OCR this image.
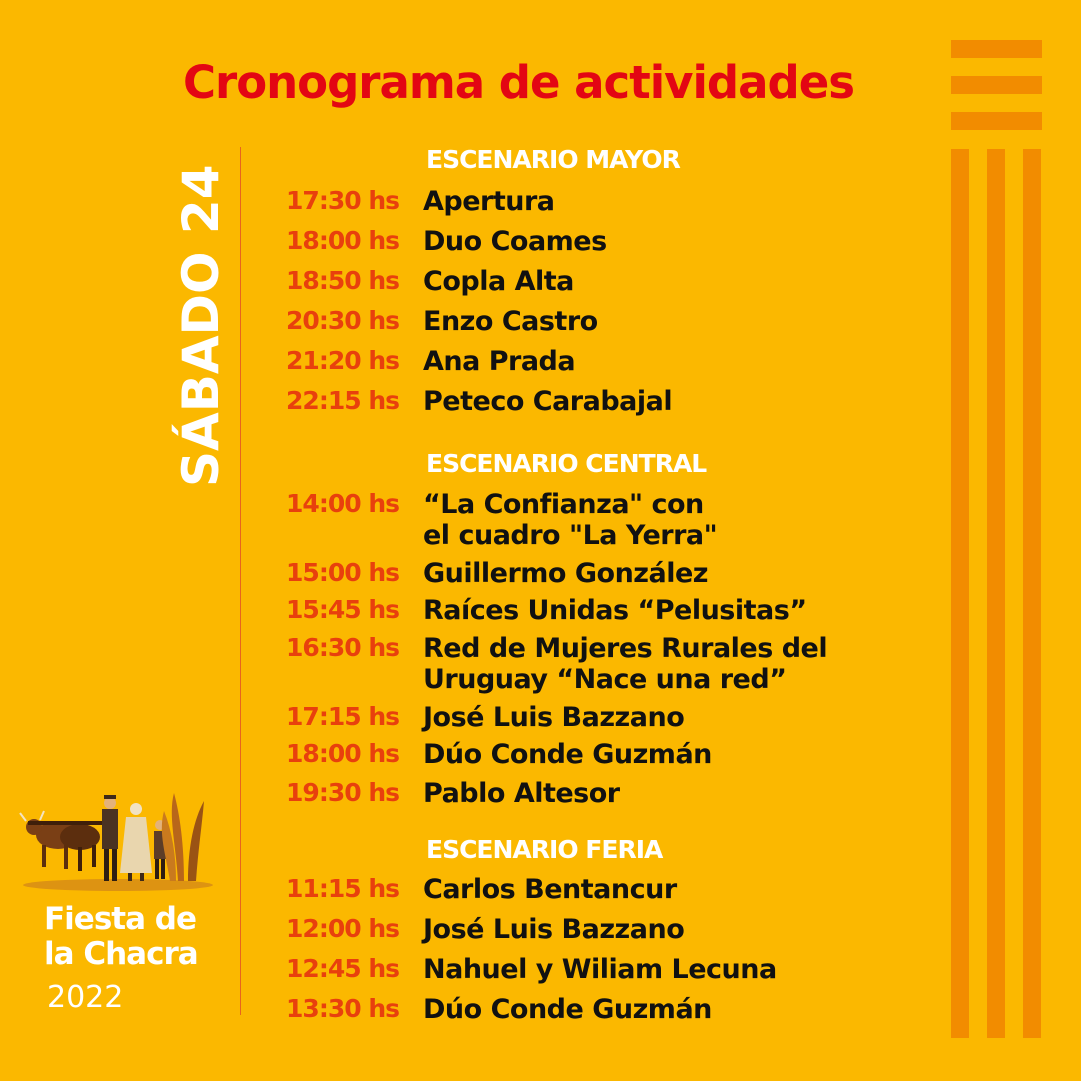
Cronograma de actividades
SÁBADO 24
ESCENARIO MAYOR
17:30 hs Apertura
18:00 hs Duo Coames
18:50 hs Copla Alta
20:30 hs Enzo Castro
21:20 hs Ana Prada
22:15 hs Peteco Carabajal
ESCENARIO CENTRAL
14:00 hs “La Confianza" con
el cuadro "La Yerra"
15:00 hs Guillermo González
15:45 hs Raíces Unidas “Pelusitas”
16:30 hs Red de Mujeres Rurales del
Uruguay “Nace una red”
17:15 hs José Luis Bazzano
18:00 hs Dúo Conde Guzmán
19:30 hs Pablo Altesor
ESCENARIO FERIA
11:15 hs Carlos Bentancur
12:00 hs José Luis Bazzano
12:45 hs Nahuel y Wiliam Lecuna
13:30 hs Dúo Conde Guzmán
Fiesta de
la Chacra
2022
